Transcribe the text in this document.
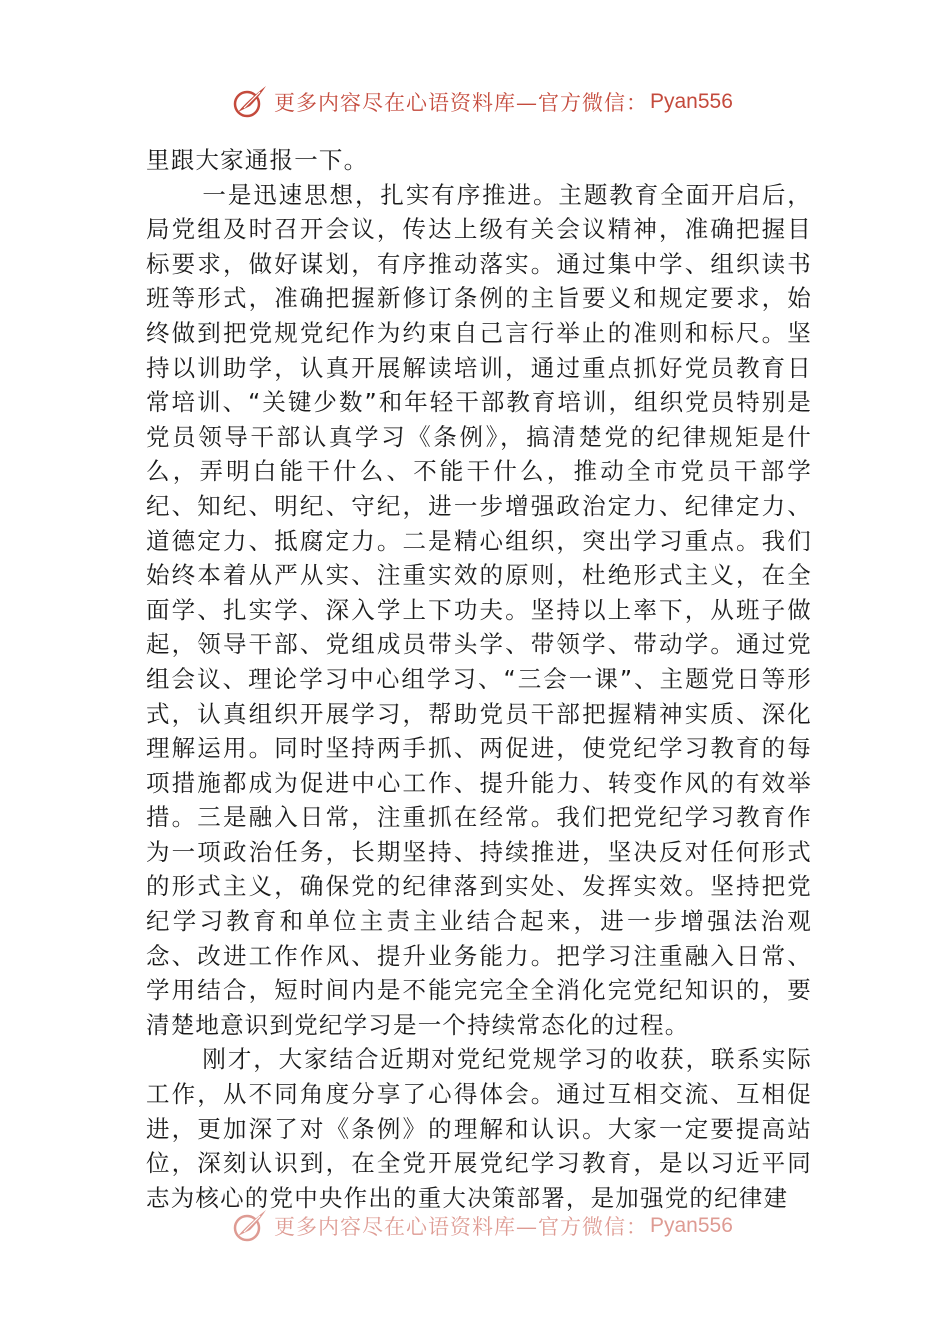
更多内容尽在心语资料库—官方微信： Pyan556

里跟大家通报一下。

一是迅速思想，扎实有序推进。主题教育全面开启后，局党组及时召开会议，传达上级有关会议精神，准确把握目标要求，做好谋划，有序推动落实。通过集中学、组织读书班等形式，准确把握新修订条例的主旨要义和规定要求，始终做到把党规党纪作为约束自己言行举止的准则和标尺。坚持以训助学，认真开展解读培训，通过重点抓好党员教育日常培训、“关键少数”和年轻干部教育培训，组织党员特别是党员领导干部认真学习《条例》，搞清楚党的纪律规矩是什么，弄明白能干什么、不能干什么，推动全市党员干部学纪、知纪、明纪、守纪，进一步增强政治定力、纪律定力、道德定力、抵腐定力。二是精心组织，突出学习重点。我们始终本着从严从实、注重实效的原则，杜绝形式主义，在全面学、扎实学、深入学上下功夫。坚持以上率下，从班子做起，领导干部、党组成员带头学、带领学、带动学。通过党组会议、理论学习中心组学习、“三会一课”、主题党日等形式，认真组织开展学习，帮助党员干部把握精神实质、深化理解运用。同时坚持两手抓、两促进，使党纪学习教育的每项措施都成为促进中心工作、提升能力、转变作风的有效举措。三是融入日常，注重抓在经常。我们把党纪学习教育作为一项政治任务，长期坚持、持续推进，坚决反对任何形式的形式主义，确保党的纪律落到实处、发挥实效。坚持把党纪学习教育和单位主责主业结合起来，进一步增强法治观念、改进工作作风、提升业务能力。把学习注重融入日常、学用结合，短时间内是不能完完全全消化完党纪知识的，要清楚地意识到党纪学习是一个持续常态化的过程。

刚才，大家结合近期对党纪党规学习的收获，联系实际工作，从不同角度分享了心得体会。通过互相交流、互相促进，更加深了对《条例》的理解和认识。大家一定要提高站位，深刻认识到，在全党开展党纪学习教育，是以习近平同志为核心的党中央作出的重大决策部署，是加强党的纪律建

更多内容尽在心语资料库—官方微信： Pyan556
